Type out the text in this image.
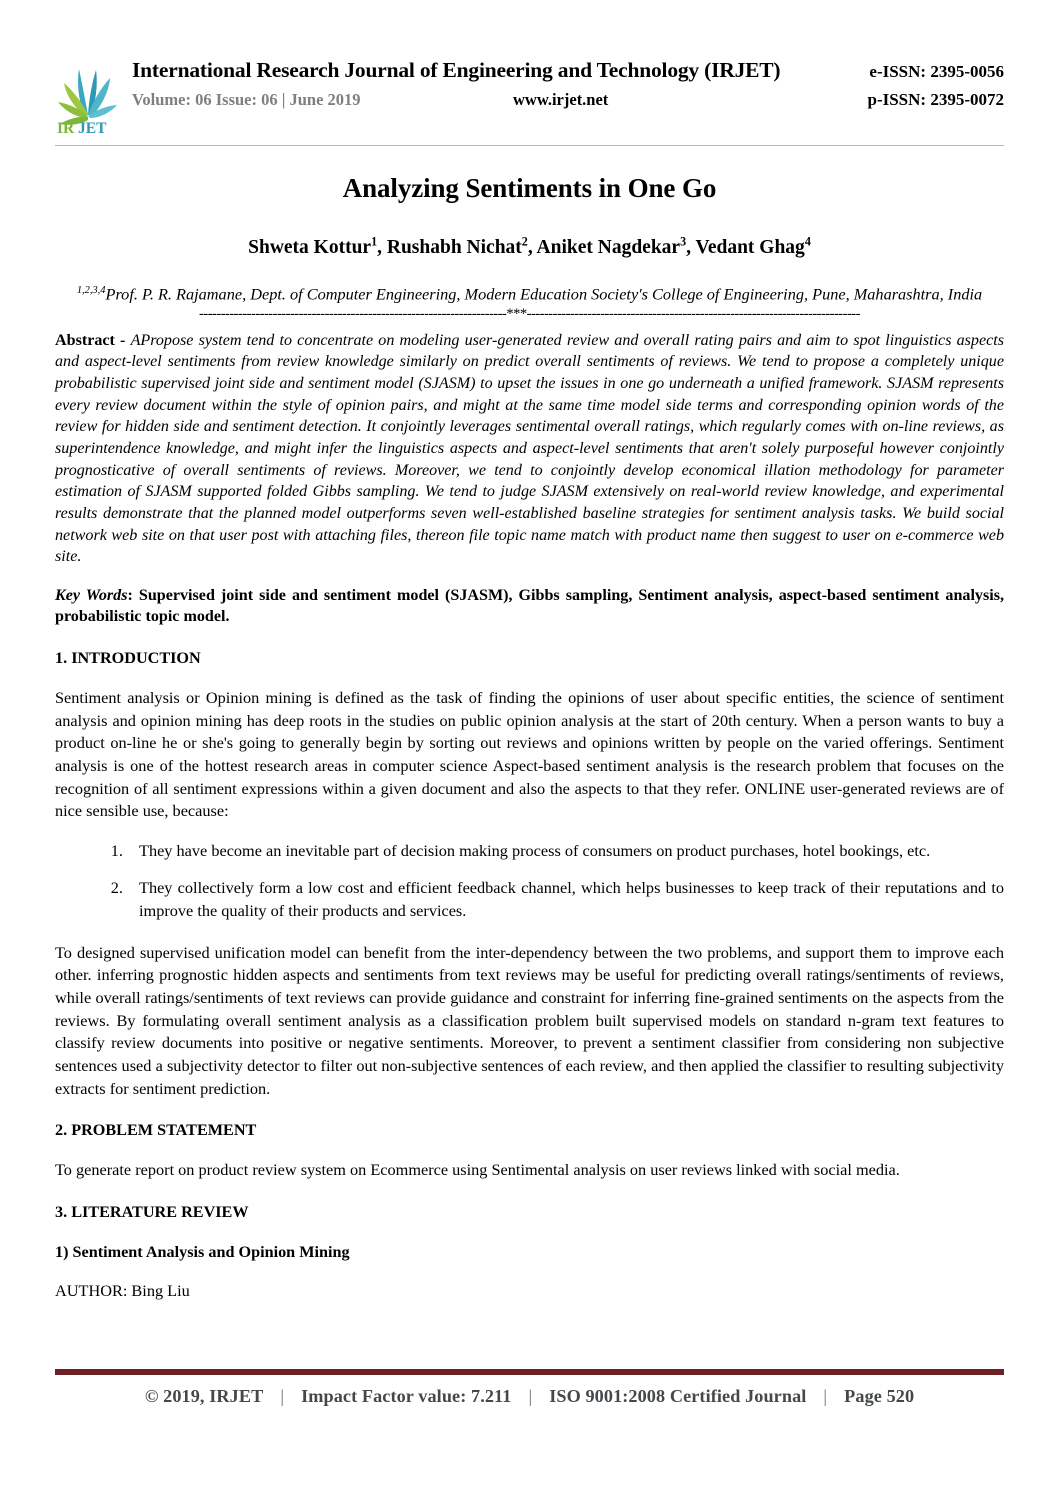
IR JET
International Research Journal of Engineering and Technology (IRJET)	e-ISSN: 2395-0056
Volume: 06 Issue: 06 | June 2019	www.irjet.net	p-ISSN: 2395-0072
Analyzing Sentiments in One Go
Shweta Kottur$^1$, Rushabh Nichat$^2$, Aniket Nagdekar$^3$, Vedant Ghag$^4$
$^{1,2,3,4}$Prof. P. R. Rajamane, Dept. of Computer Engineering, Modern Education Society's College of Engineering, Pune, Maharashtra, India
-----------------------------------------------------------------------***-----------------------------------------------------------------------------
Abstract - APropose system tend to concentrate on modeling user-generated review and overall rating pairs and aim to spot linguistics aspects and aspect-level sentiments from review knowledge similarly on predict overall sentiments of reviews. We tend to propose a completely unique probabilistic supervised joint side and sentiment model (SJASM) to upset the issues in one go underneath a unified framework. SJASM represents every review document within the style of opinion pairs, and might at the same time model side terms and corresponding opinion words of the review for hidden side and sentiment detection. It conjointly leverages sentimental overall ratings, which regularly comes with on-line reviews, as superintendence knowledge, and might infer the linguistics aspects and aspect-level sentiments that aren't solely purposeful however conjointly prognosticative of overall sentiments of reviews. Moreover, we tend to conjointly develop economical illation methodology for parameter estimation of SJASM supported folded Gibbs sampling. We tend to judge SJASM extensively on real-world review knowledge, and experimental results demonstrate that the planned model outperforms seven well-established baseline strategies for sentiment analysis tasks. We build social network web site on that user post with attaching files, thereon file topic name match with product name then suggest to user on e-commerce web site.
Key Words: Supervised joint side and sentiment model (SJASM), Gibbs sampling, Sentiment analysis, aspect-based sentiment analysis, probabilistic topic model.
1. INTRODUCTION

Sentiment analysis or Opinion mining is defined as the task of finding the opinions of user about specific entities, the science of sentiment analysis and opinion mining has deep roots in the studies on public opinion analysis at the start of 20th century. When a person wants to buy a product on-line he or she's going to generally begin by sorting out reviews and opinions written by people on the varied offerings. Sentiment analysis is one of the hottest research areas in computer science Aspect-based sentiment analysis is the research problem that focuses on the recognition of all sentiment expressions within a given document and also the aspects to that they refer. ONLINE user-generated reviews are of nice sensible use, because:

1. They have become an inevitable part of decision making process of consumers on product purchases, hotel bookings, etc.
2. They collectively form a low cost and efficient feedback channel, which helps businesses to keep track of their reputations and to improve the quality of their products and services.

To designed supervised unification model can benefit from the inter-dependency between the two problems, and support them to improve each other. inferring prognostic hidden aspects and sentiments from text reviews may be useful for predicting overall ratings/sentiments of reviews, while overall ratings/sentiments of text reviews can provide guidance and constraint for inferring fine-grained sentiments on the aspects from the reviews. By formulating overall sentiment analysis as a classification problem built supervised models on standard n-gram text features to classify review documents into positive or negative sentiments. Moreover, to prevent a sentiment classifier from considering non subjective sentences used a subjectivity detector to filter out non-subjective sentences of each review, and then applied the classifier to resulting subjectivity extracts for sentiment prediction.

2. PROBLEM STATEMENT

To generate report on product review system on Ecommerce using Sentimental analysis on user reviews linked with social media.

3. LITERATURE REVIEW
1) Sentiment Analysis and Opinion Mining
AUTHOR: Bing Liu
© 2019, IRJET | Impact Factor value: 7.211 | ISO 9001:2008 Certified Journal | Page 520
